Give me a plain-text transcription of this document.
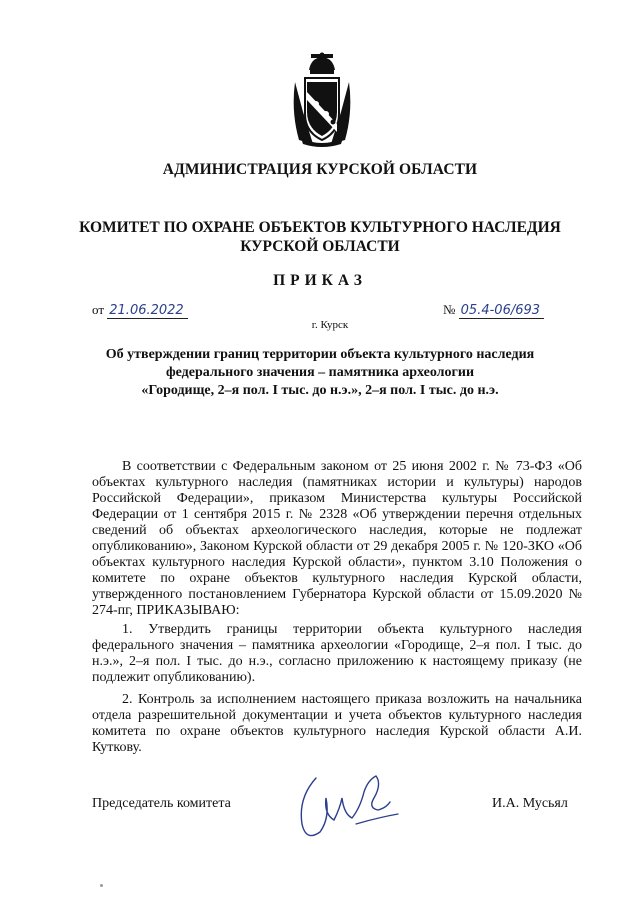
АДМИНИСТРАЦИЯ КУРСКОЙ ОБЛАСТИ
КОМИТЕТ ПО ОХРАНЕ ОБЪЕКТОВ КУЛЬТУРНОГО НАСЛЕДИЯ
КУРСКОЙ ОБЛАСТИ
ПРИКАЗ
от 21.06.2022	№ 05.4-06/693
г. Курск
Об утверждении границ территории объекта культурного наследия
федерального значения – памятника археологии
«Городище, 2–я пол. I тыс. до н.э.», 2–я пол. I тыс. до н.э.
В соответствии с Федеральным законом от 25 июня 2002 г. № 73-ФЗ «Об объектах культурного наследия (памятниках истории и культуры) народов Российской Федерации», приказом Министерства культуры Российской Федерации от 1 сентября 2015 г. № 2328 «Об утверждении перечня отдельных сведений об объектах археологического наследия, которые не подлежат опубликованию», Законом Курской области от 29 декабря 2005 г. № 120-ЗКО «Об объектах культурного наследия Курской области», пунктом 3.10 Положения о комитете по охране объектов культурного наследия Курской области, утвержденного постановлением Губернатора Курской области от 15.09.2020 № 274-пг, ПРИКАЗЫВАЮ:
1. Утвердить границы территории объекта культурного наследия федерального значения – памятника археологии «Городище, 2–я пол. I тыс. до н.э.», 2–я пол. I тыс. до н.э., согласно приложению к настоящему приказу (не подлежит опубликованию).
2. Контроль за исполнением настоящего приказа возложить на начальника отдела разрешительной документации и учета объектов культурного наследия комитета по охране объектов культурного наследия Курской области А.И. Куткову.
Председатель комитета	И.А. Мусьял
